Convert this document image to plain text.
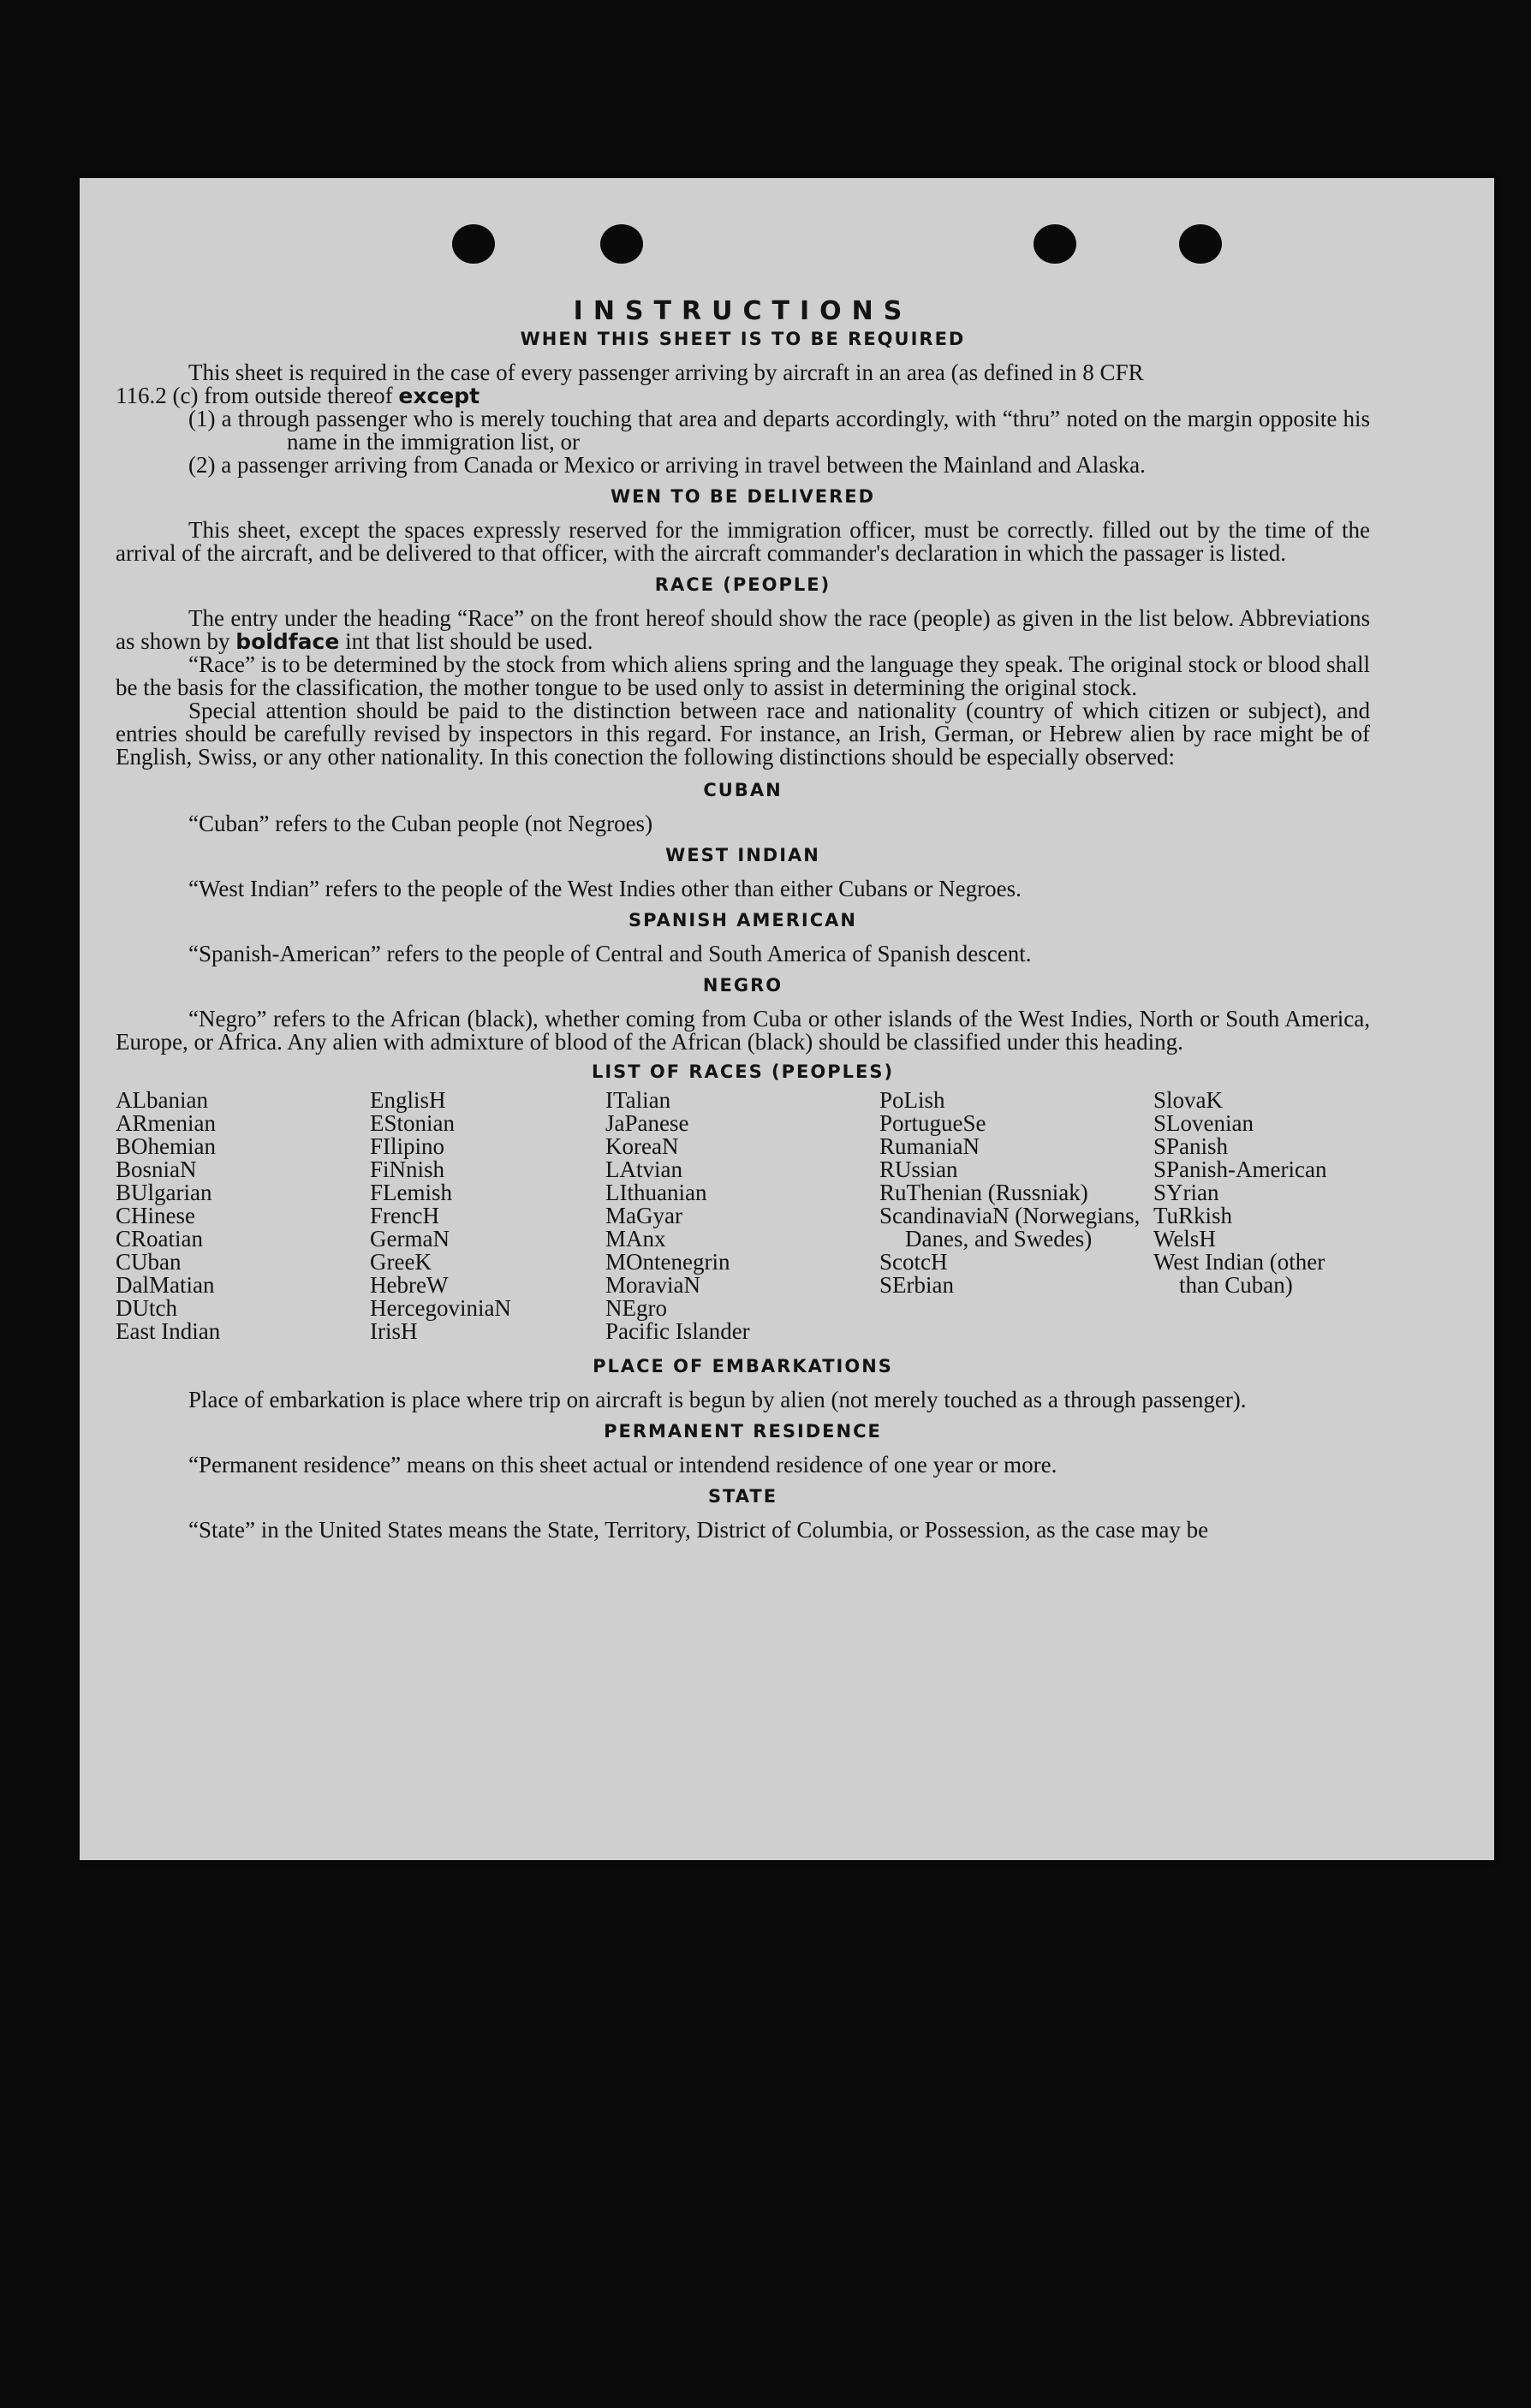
INSTRUCTIONS
WHEN THIS SHEET IS TO BE REQUIRED

This sheet is required in the case of every passenger arriving by aircraft in an area (as defined in 8 CFR

116.2 (c) from outside thereof except

(1) a through passenger who is merely touching that area and departs accordingly, with “thru” noted on the margin opposite his name in the immigration list, or

(2) a passenger arriving from Canada or Mexico or arriving in travel between the Mainland and Alaska.

WEN TO BE DELIVERED

This sheet, except the spaces expressly reserved for the immigration officer, must be correctly. filled out by the time of the arrival of the aircraft, and be delivered to that officer, with the aircraft commander's declaration in which the passager is listed.

RACE (PEOPLE)

The entry under the heading “Race” on the front hereof should show the race (people) as given in the list below. Abbreviations as shown by boldface int that list should be used.

“Race” is to be determined by the stock from which aliens spring and the language they speak. The original stock or blood shall be the basis for the classification, the mother tongue to be used only to assist in determining the original stock.

Special attention should be paid to the distinction between race and nationality (country of which citizen or subject), and entries should be carefully revised by inspectors in this regard. For instance, an Irish, German, or Hebrew alien by race might be of English, Swiss, or any other nationality. In this conection the following distinctions should be especially observed:

CUBAN

“Cuban” refers to the Cuban people (not Negroes)

WEST INDIAN

“West Indian” refers to the people of the West Indies other than either Cubans or Negroes.

SPANISH AMERICAN

“Spanish-American” refers to the people of Central and South America of Spanish descent.

NEGRO

“Negro” refers to the African (black), whether coming from Cuba or other islands of the West Indies, North or South America, Europe, or Africa. Any alien with admixture of blood of the African (black) should be classified under this heading.

LIST OF RACES (PEOPLES)
ALbanian
ARmenian
BOhemian
BosniaN
BUlgarian
CHinese
CRoatian
CUban
DalMatian
DUtch
East Indian
EnglisH
EStonian
FIlipino
FiNnish
FLemish
FrencH
GermaN
GreeK
HebreW
HercegoviniaN
IrisH
ITalian
JaPanese
KoreaN
LAtvian
LIthuanian
MaGyar
MAnx
MOntenegrin
MoraviaN
NEgro
Pacific Islander
PoLish
PortugueSe
RumaniaN
RUssian
RuThenian (Russniak)
ScandinaviaN (Norwegians, Danes, and Swedes)
ScotcH
SErbian
SlovaK
SLovenian
SPanish
SPanish-American
SYrian
TuRkish
WelsH
West Indian (other than Cuban)
PLACE OF EMBARKATIONS

Place of embarkation is place where trip on aircraft is begun by alien (not merely touched as a through passenger).

PERMANENT RESIDENCE

“Permanent residence” means on this sheet actual or intendend residence of one year or more.

STATE

“State” in the United States means the State, Territory, District of Columbia, or Possession, as the case may be
